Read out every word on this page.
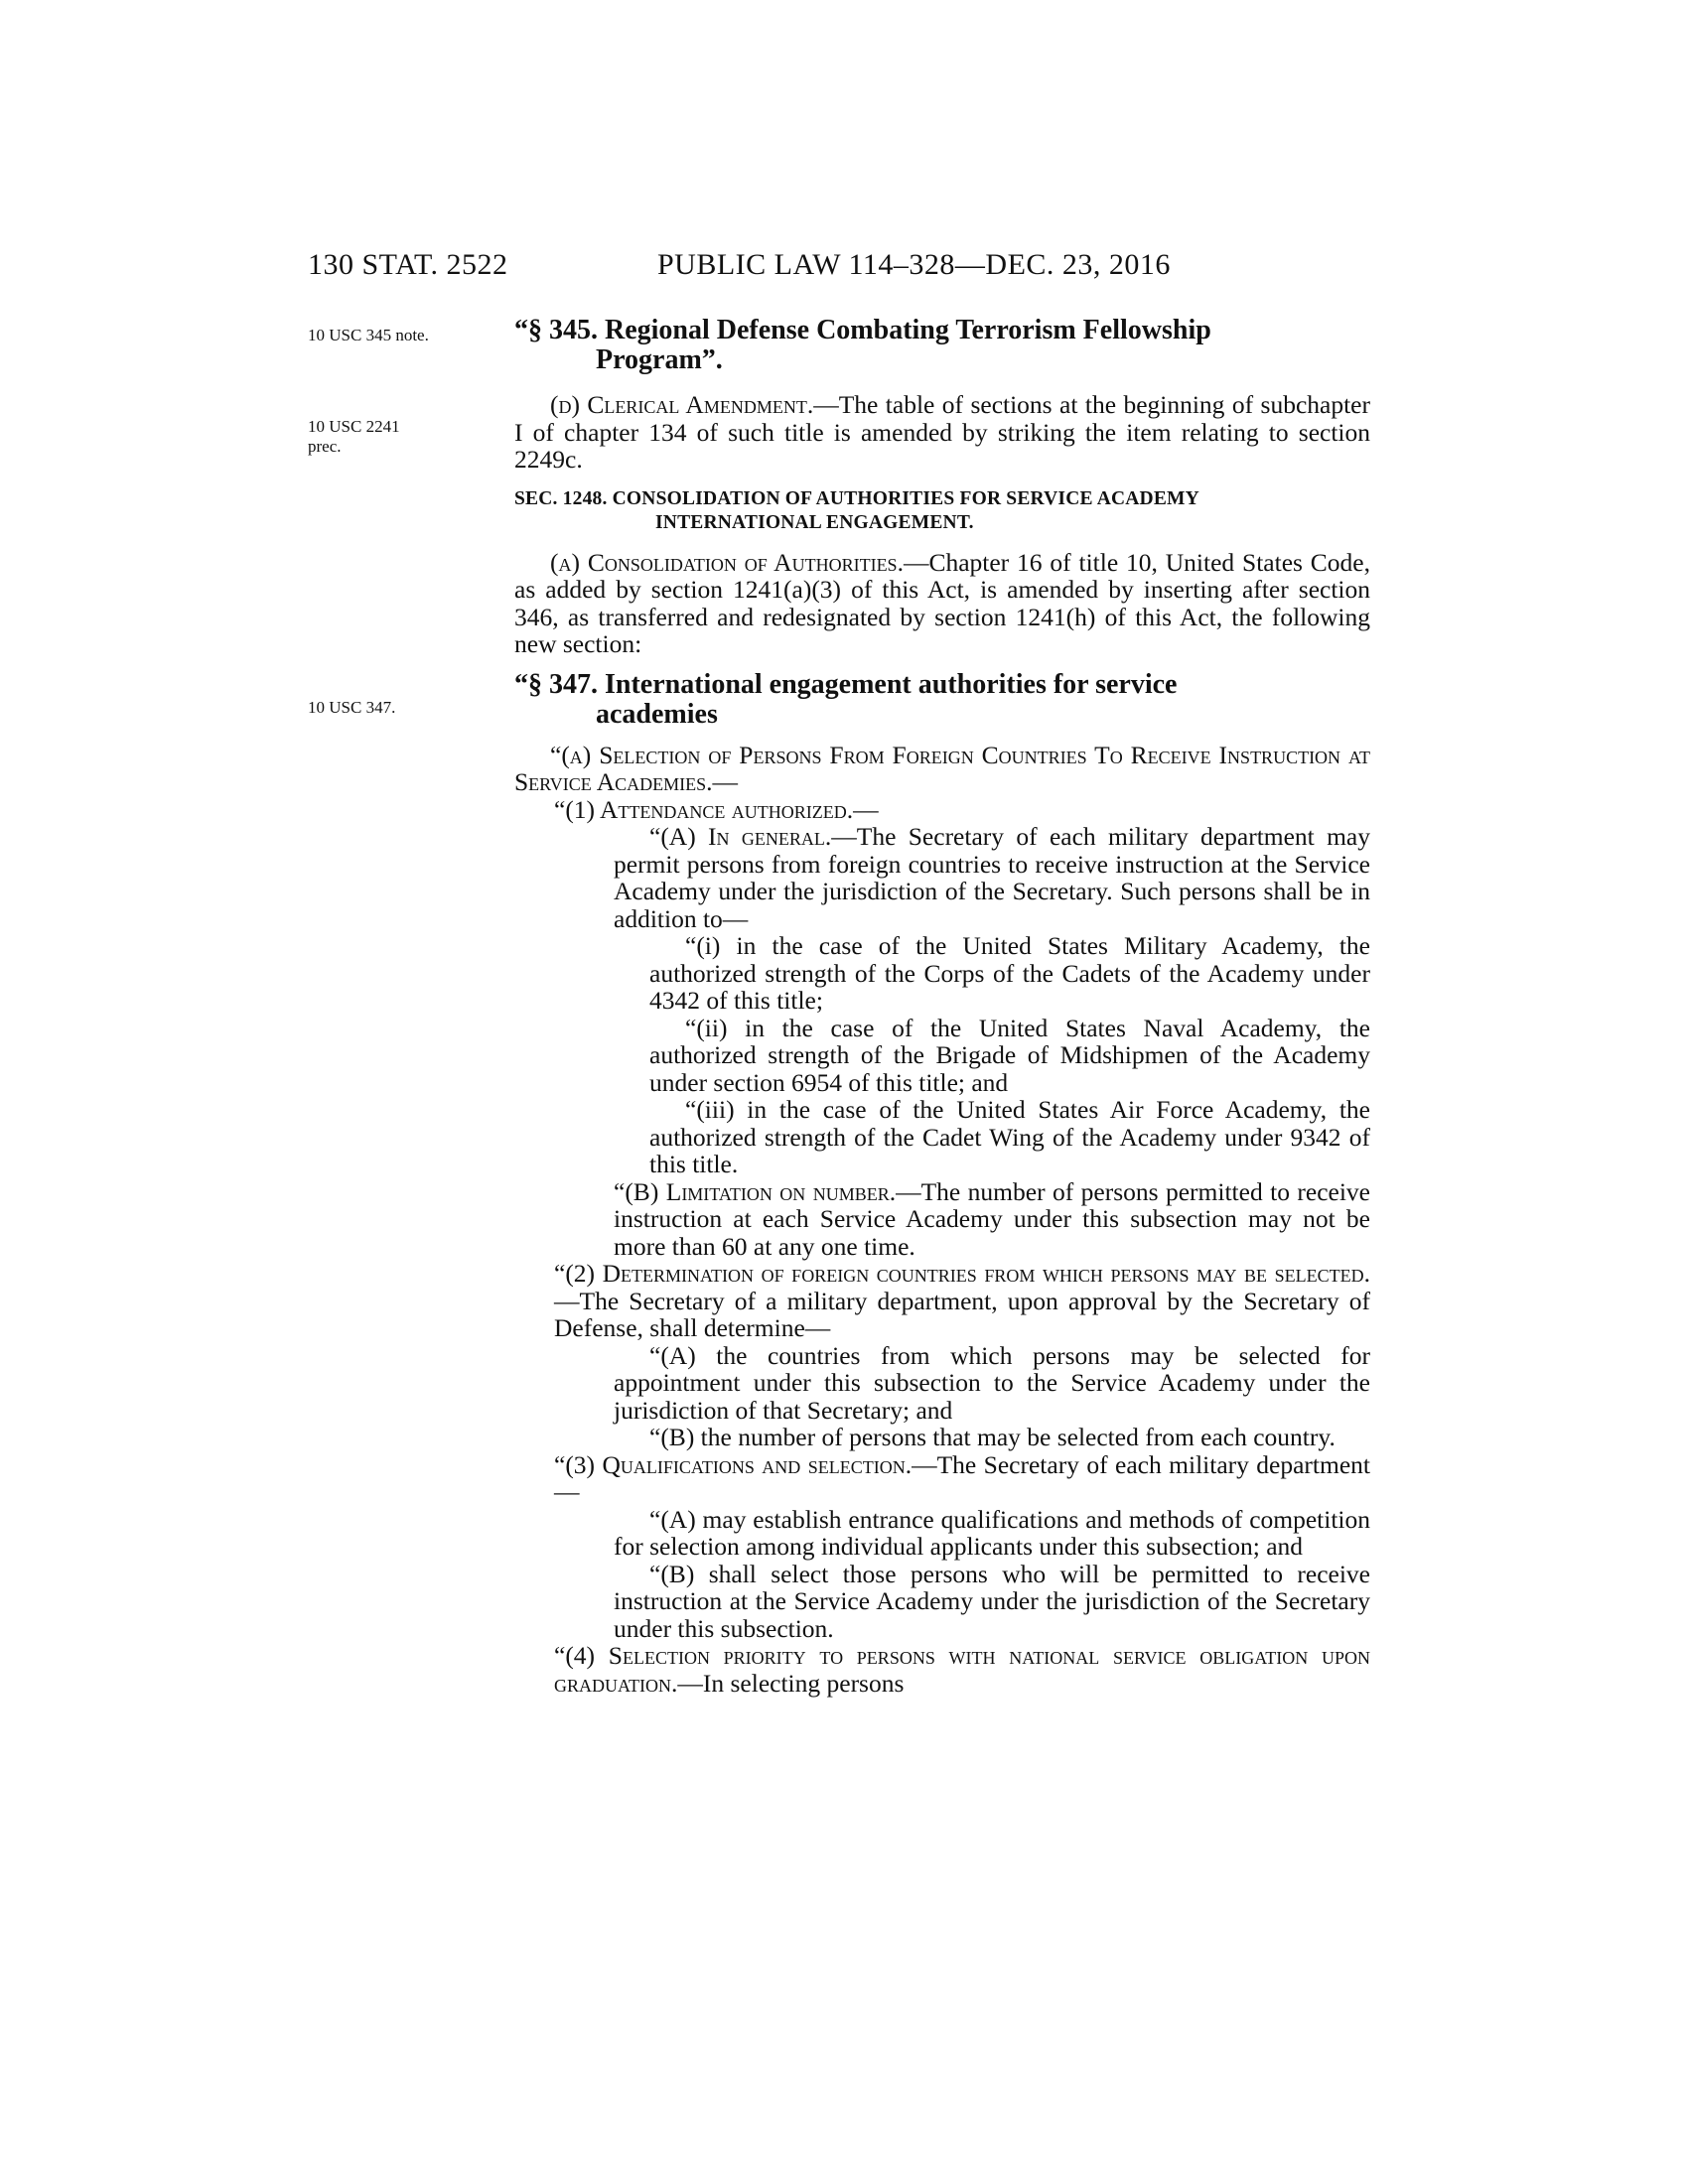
130 STAT. 2522	PUBLIC LAW 114–328—DEC. 23, 2016
10 USC 345 note.
10 USC 2241
prec.
10 USC 347.
“§ 345. Regional Defense Combating Terrorism Fellowship
Program”.

(d) Clerical Amendment.—The table of sections at the beginning of subchapter I of chapter 134 of such title is amended by striking the item relating to section 2249c.

SEC. 1248. CONSOLIDATION OF AUTHORITIES FOR SERVICE ACADEMY
INTERNATIONAL ENGAGEMENT.

(a) Consolidation of Authorities.—Chapter 16 of title 10, United States Code, as added by section 1241(a)(3) of this Act, is amended by inserting after section 346, as transferred and redesignated by section 1241(h) of this Act, the following new section:

“§ 347. International engagement authorities for service
academies

“(a) Selection of Persons From Foreign Countries To Receive Instruction at Service Academies.—

“(1) Attendance authorized.—

“(A) In general.—The Secretary of each military department may permit persons from foreign countries to receive instruction at the Service Academy under the jurisdiction of the Secretary. Such persons shall be in addition to—

“(i) in the case of the United States Military Academy, the authorized strength of the Corps of the Cadets of the Academy under 4342 of this title;

“(ii) in the case of the United States Naval Academy, the authorized strength of the Brigade of Midshipmen of the Academy under section 6954 of this title; and

“(iii) in the case of the United States Air Force Academy, the authorized strength of the Cadet Wing of the Academy under 9342 of this title.

“(B) Limitation on number.—The number of persons permitted to receive instruction at each Service Academy under this subsection may not be more than 60 at any one time.

“(2) Determination of foreign countries from which persons may be selected.—The Secretary of a military department, upon approval by the Secretary of Defense, shall determine—

“(A) the countries from which persons may be selected for appointment under this subsection to the Service Academy under the jurisdiction of that Secretary; and

“(B) the number of persons that may be selected from each country.

“(3) Qualifications and selection.—The Secretary of each military department—

“(A) may establish entrance qualifications and methods of competition for selection among individual applicants under this subsection; and

“(B) shall select those persons who will be permitted to receive instruction at the Service Academy under the jurisdiction of the Secretary under this subsection.

“(4) Selection priority to persons with national service obligation upon graduation.—In selecting persons
